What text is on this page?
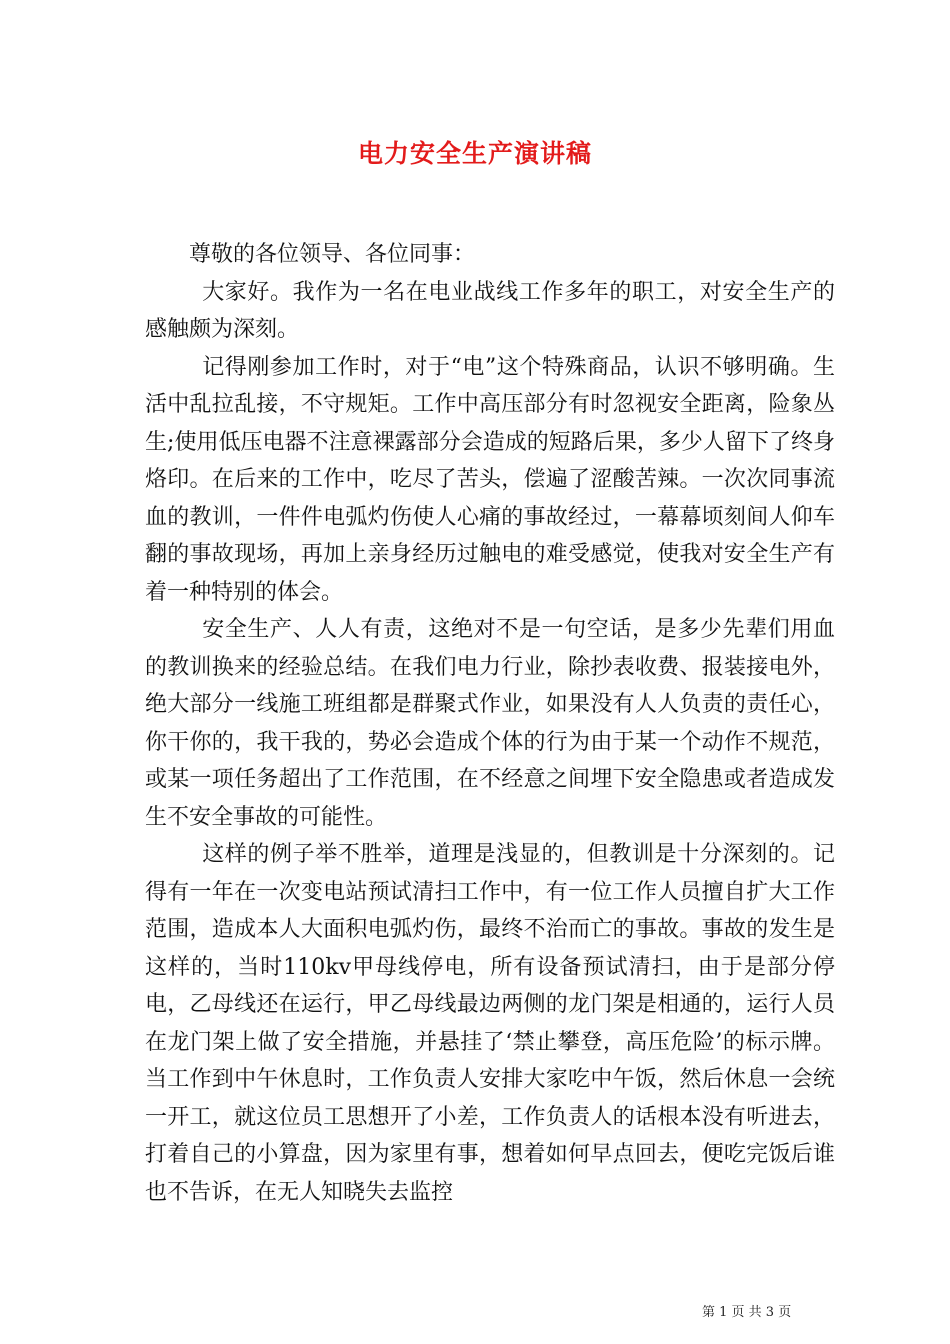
电力安全生产演讲稿

尊敬的各位领导、各位同事：

大家好。我作为一名在电业战线工作多年的职工，对安全生产的感触颇为深刻。

记得刚参加工作时，对于“电”这个特殊商品，认识不够明确。生活中乱拉乱接，不守规矩。工作中高压部分有时忽视安全距离，险象丛生;使用低压电器不注意裸露部分会造成的短路后果，多少人留下了终身烙印。在后来的工作中，吃尽了苦头，偿遍了涩酸苦辣。一次次同事流血的教训，一件件电弧灼伤使人心痛的事故经过，一幕幕顷刻间人仰车翻的事故现场，再加上亲身经历过触电的难受感觉，使我对安全生产有着一种特别的体会。

安全生产、人人有责，这绝对不是一句空话，是多少先辈们用血的教训换来的经验总结。在我们电力行业，除抄表收费、报装接电外，绝大部分一线施工班组都是群聚式作业，如果没有人人负责的责任心，你干你的，我干我的，势必会造成个体的行为由于某一个动作不规范，或某一项任务超出了工作范围，在不经意之间埋下安全隐患或者造成发生不安全事故的可能性。

这样的例子举不胜举，道理是浅显的，但教训是十分深刻的。记得有一年在一次变电站预试清扫工作中，有一位工作人员擅自扩大工作范围，造成本人大面积电弧灼伤，最终不治而亡的事故。事故的发生是这样的，当时110kv甲母线停电，所有设备预试清扫，由于是部分停电，乙母线还在运行，甲乙母线最边两侧的龙门架是相通的，运行人员在龙门架上做了安全措施，并悬挂了‘禁止攀登，高压危险’的标示牌。当工作到中午休息时，工作负责人安排大家吃中午饭，然后休息一会统一开工，就这位员工思想开了小差，工作负责人的话根本没有听进去，打着自己的小算盘，因为家里有事，想着如何早点回去，便吃完饭后谁也不告诉，在无人知晓失去监控

第 1 页 共 3 页
